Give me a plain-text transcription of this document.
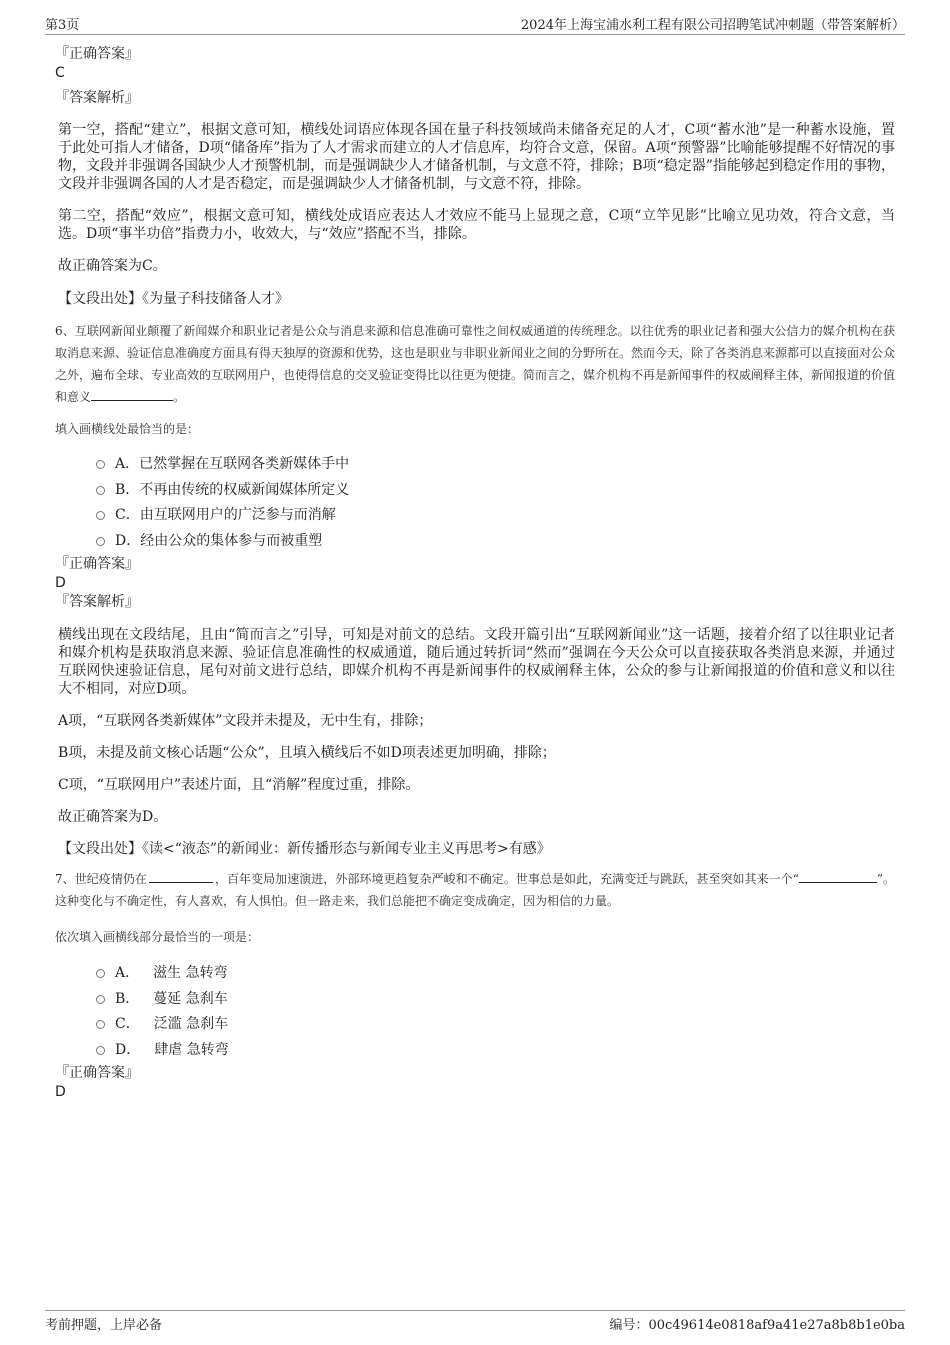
第3页	2024年上海宝浦水利工程有限公司招聘笔试冲刺题（带答案解析）
『正确答案』
C
『答案解析』

第一空，搭配“建立”，根据文意可知，横线处词语应体现各国在量子科技领域尚未储备充足的人才，C项“蓄水池”是一种蓄水设施，置于此处可指人才储备，D项“储备库”指为了人才需求而建立的人才信息库，均符合文意，保留。A项“预警器”比喻能够提醒不好情况的事物，文段并非强调各国缺少人才预警机制，而是强调缺少人才储备机制，与文意不符，排除；B项“稳定器”指能够起到稳定作用的事物，文段并非强调各国的人才是否稳定，而是强调缺少人才储备机制，与文意不符，排除。

第二空，搭配“效应”，根据文意可知，横线处成语应表达人才效应不能马上显现之意，C项“立竿见影”比喻立见功效，符合文意，当选。D项“事半功倍”指费力小，收效大，与“效应”搭配不当，排除。

故正确答案为C。

【文段出处】《为量子科技储备人才》

6、互联网新闻业颠覆了新闻媒介和职业记者是公众与消息来源和信息准确可靠性之间权威通道的传统理念。以往优秀的职业记者和强大公信力的媒介机构在获取消息来源、验证信息准确度方面具有得天独厚的资源和优势，这也是职业与非职业新闻业之间的分野所在。然而今天，除了各类消息来源都可以直接面对公众之外，遍布全球、专业高效的互联网用户，也使得信息的交叉验证变得比以往更为便捷。简而言之，媒介机构不再是新闻事件的权威阐释主体，新闻报道的价值和意义	。

填入画横线处最恰当的是：

A．已然掌握在互联网各类新媒体手中
B．不再由传统的权威新闻媒体所定义
C．由互联网用户的广泛参与而消解
D．经由公众的集体参与而被重塑
『正确答案』
D
『答案解析』

横线出现在文段结尾，且由“简而言之”引导，可知是对前文的总结。文段开篇引出“互联网新闻业”这一话题，接着介绍了以往职业记者和媒介机构是获取消息来源、验证信息准确性的权威通道，随后通过转折词“然而”强调在今天公众可以直接获取各类消息来源，并通过互联网快速验证信息，尾句对前文进行总结，即媒介机构不再是新闻事件的权威阐释主体，公众的参与让新闻报道的价值和意义和以往大不相同，对应D项。

A项，“互联网各类新媒体”文段并未提及，无中生有，排除；

B项，未提及前文核心话题“公众”，且填入横线后不如D项表述更加明确，排除；

C项，“互联网用户”表述片面，且“消解”程度过重，排除。

故正确答案为D。

【文段出处】《读<“液态”的新闻业：新传播形态与新闻专业主义再思考>有感》

7、世纪疫情仍在	，百年变局加速演进，外部环境更趋复杂严峻和不确定。世事总是如此，充满变迁与跳跃，甚至突如其来一个“	”。这种变化与不确定性，有人喜欢，有人惧怕。但一路走来，我们总能把不确定变成确定，因为相信的力量。

依次填入画横线部分最恰当的一项是：

A． 滋生 急转弯
B． 蔓延 急刹车
C． 泛滥 急刹车
D． 肆虐 急转弯
『正确答案』
D
考前押题，上岸必备	编号：00c49614e0818af9a41e27a8b8b1e0ba
